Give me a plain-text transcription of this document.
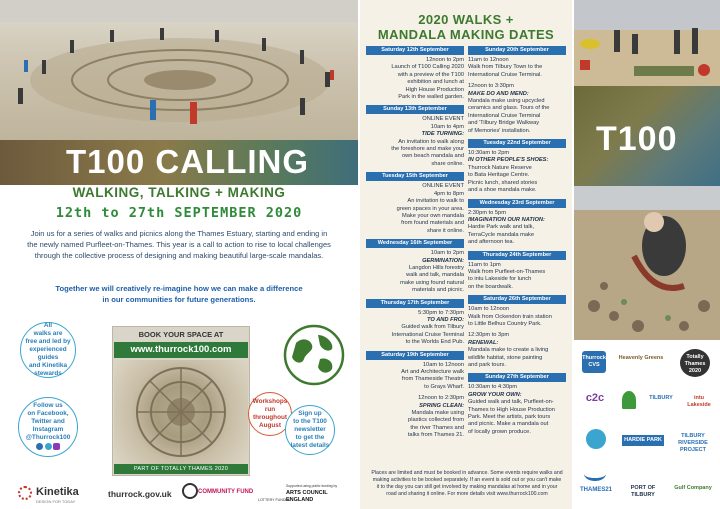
T100 CALLING
WALKING, TALKING + MAKING
12th to 27th SEPTEMBER 2020
Join us for a series of walks and picnics along the Thames Estuary, starting and ending in
the newly named Purfleet-on-Thames. This year is a call to action to rise to local challenges
through the collective process of designing and making beautiful large-scale mandalas.
Together we will creatively re-imagine how we can make a difference
in our communities for future generations.
All
walks are
free and led by
experienced guides
and Kinetika
stewards
Follow us
on Facebook,
Twitter and
Instagram
@Thurrock100

BOOK YOUR SPACE AT
www.thurrock100.com
PART OF TOTALLY THAMES 2020
Workshops
run
throughout
August
Sign up
to the T100
newsletter
to get the
latest details
Kinetika
DESIGN FOR TODAY
thurrock.gov.uk	COMMUNITY FUND
LOTTERY FUNDED
Supported using public funding by
ARTS COUNCIL ENGLAND
2020 WALKS +
MANDALA MAKING DATES
Saturday 12th September
12noon to 2pm
Launch of T100 Calling 2020
with a preview of the T100
exhibition and lunch at
High House Production
Park in the walled garden.
Sunday 13th September
ONLINE EVENT
10am to 4pm
TIDE TURNING:
An invitation to walk along
the foreshore and make your
own beach mandala and
share online.
Tuesday 15th September
ONLINE EVENT
4pm to 8pm
An invitation to walk to
green spaces in your area.
Make your own mandala
from found materials and
share it online.
Wednesday 16th September
10am to 2pm
GERMINATION:
Langdon Hills forestry
walk and talk, mandala
make using found natural
materials and picnic.
Thursday 17th September
5:30pm to 7:30pm
TO AND FRO:
Guided walk from Tilbury
International Cruise Terminal
to the Worlds End Pub.
Saturday 19th September
10am to 12noon
Art and Architecture walk
from Thameside Theatre
to Grays Wharf.
12noon to 2:30pm
SPRING CLEAN:
Mandala make using
plastics collected from
the river Thames and
talks from Thames 21.
Sunday 20th September
11am to 12noon
Walk from Tilbury Town to the
International Cruise Terminal.
12noon to 3:30pm
MAKE DO AND MEND:
Mandala make using upcycled
ceramics and glass. Tours of the
International Cruise Terminal
and 'Tilbury Bridge Walkway
of Memories' installation.
Tuesday 22nd September
10:30am to 2pm
IN OTHER PEOPLE'S SHOES:
Thurrock Nature Reserve
to Bata Heritage Centre.
Picnic lunch, shared stories
and a shoe mandala make.
Wednesday 23rd September
2:30pm to 5pm
IMAGINATION OUR NATION:
Hardie Park walk and talk,
TerraCycle mandala make
and afternoon tea.
Thursday 24th September
11am to 1pm
Walk from Purfleet-on-Thames
to intu Lakeside for lunch
on the boardwalk.
Saturday 26th September
10am to 12noon
Walk from Ockendon train station
to Little Belhus Country Park.
12:30pm to 3pm
RENEWAL:
Mandala make to create a living
wildlife habitat, stone painting
and park tours.
Sunday 27th September
10:30am to 4:30pm
GROW YOUR OWN:
Guided walk and talk, Purfleet-on-
Thames to High House Production
Park. Meet the artists, park tours
and picnic. Make a mandala out
of locally grown produce.
Places are limited and must be booked in advance. Some events require walks and
making activities to be booked separately. If an event is sold out or you can't make
it to the day you can still get involved by making mandalas at home and in your
road and sharing it online. For more details visit www.thurrock100.com
T100
Thurrock CVS
Heavenly Greens	Totally Thames 2020
c2c	TILBURY	intu Lakeside
HARDIE PARK
TILBURY RIVERSIDE PROJECT
THAMES21	PORT OF TILBURY
Gulf Company
